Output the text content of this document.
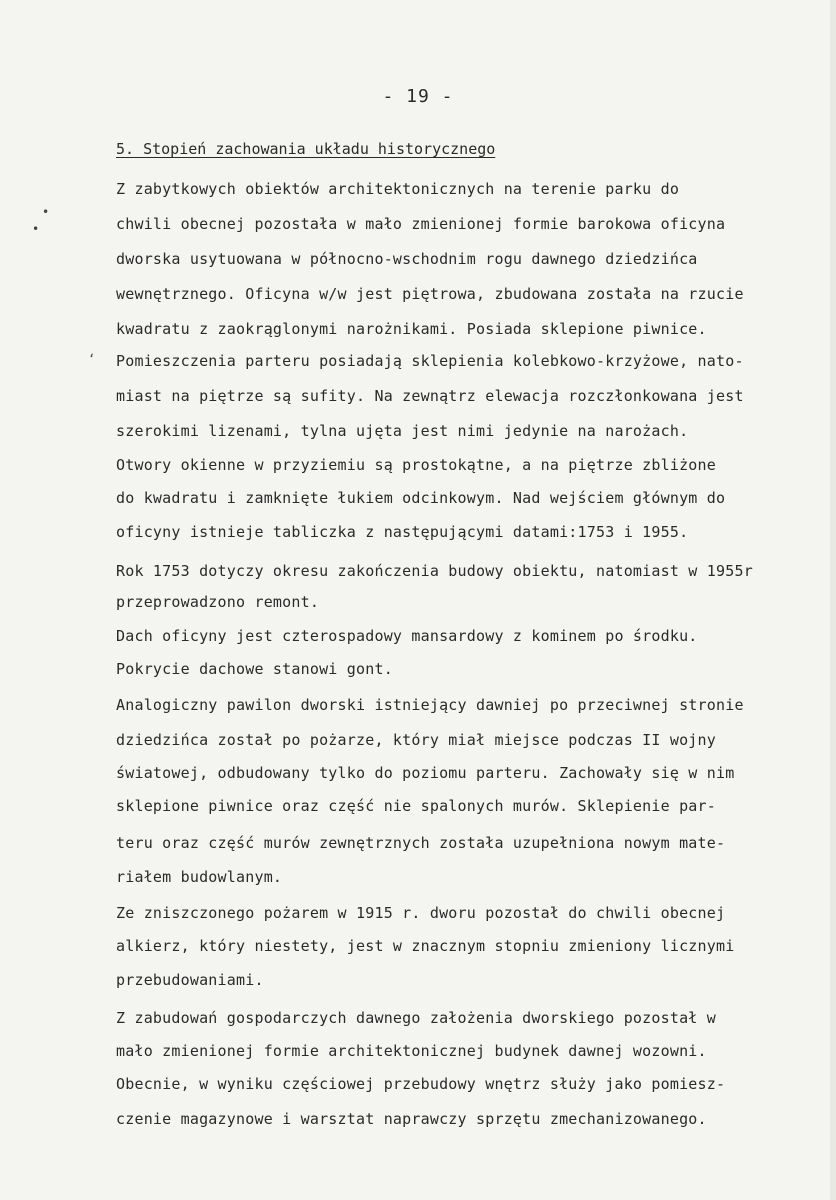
- 19 -
5. Stopień zachowania układu historycznego
•
•
‘
Z zabytkowych obiektów architektonicznych na terenie parku do
chwili obecnej pozostała w mało zmienionej formie barokowa oficyna
dworska usytuowana w północno-wschodnim rogu dawnego dziedzińca
wewnętrznego. Oficyna w/w jest piętrowa, zbudowana została na rzucie
kwadratu z zaokrąglonymi narożnikami. Posiada sklepione piwnice.
Pomieszczenia parteru posiadają sklepienia kolebkowo-krzyżowe, nato-
miast na piętrze są sufity. Na zewnątrz elewacja rozczłonkowana jest
szerokimi lizenami, tylna ujęta jest nimi jedynie na narożach.
Otwory okienne w przyziemiu są prostokątne, a na piętrze zbliżone
do kwadratu i zamknięte łukiem odcinkowym. Nad wejściem głównym do
oficyny istnieje tabliczka z następującymi datami:1753 i 1955.
Rok 1753 dotyczy okresu zakończenia budowy obiektu, natomiast w 1955r
przeprowadzono remont.
Dach oficyny jest czterospadowy mansardowy z kominem po środku.
Pokrycie dachowe stanowi gont.
Analogiczny pawilon dworski istniejący dawniej po przeciwnej stronie
dziedzińca został po pożarze, który miał miejsce podczas II wojny
światowej, odbudowany tylko do poziomu parteru. Zachowały się w nim
sklepione piwnice oraz część nie spalonych murów. Sklepienie par-
teru oraz część murów zewnętrznych została uzupełniona nowym mate-
riałem budowlanym.
Ze zniszczonego pożarem w 1915 r. dworu pozostał do chwili obecnej
alkierz, który niestety, jest w znacznym stopniu zmieniony licznymi
przebudowaniami.
Z zabudowań gospodarczych dawnego założenia dworskiego pozostał w
mało zmienionej formie architektonicznej budynek dawnej wozowni.
Obecnie, w wyniku częściowej przebudowy wnętrz służy jako pomiesz-
czenie magazynowe i warsztat naprawczy sprzętu zmechanizowanego.
